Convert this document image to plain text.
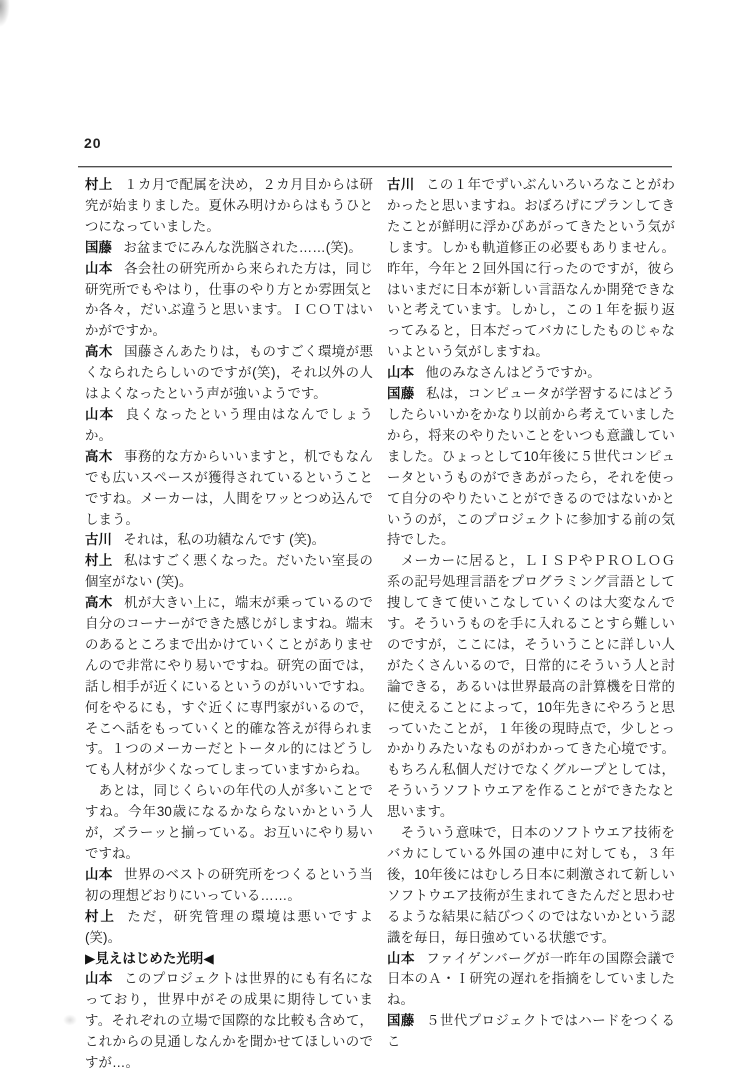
20

村上 １カ月で配属を決め，２カ月目からは研究が始まりました。夏休み明けからはもうひとつになっていました。

国藤 お盆までにみんな洗脳された……(笑)。

山本 各会社の研究所から来られた方は，同じ研究所でもやはり，仕事のやり方とか雰囲気とか各々，だいぶ違うと思います。ＩＣＯＴはいかがですか。

高木 国藤さんあたりは，ものすごく環境が悪くなられたらしいのですが(笑)，それ以外の人はよくなったという声が強いようです。

山本 良くなったという理由はなんでしょうか。

高木 事務的な方からいいますと，机でもなんでも広いスペースが獲得されているということですね。メーカーは，人間をワッとつめ込んでしまう。

古川 それは，私の功績なんです (笑)。

村上 私はすごく悪くなった。だいたい室長の個室がない (笑)。

高木 机が大きい上に，端末が乗っているので自分のコーナーができた感じがしますね。端末のあるところまで出かけていくことがありませんので非常にやり易いですね。研究の面では，話し相手が近くにいるというのがいいですね。何をやるにも，すぐ近くに専門家がいるので，そこへ話をもっていくと的確な答えが得られます。１つのメーカーだとトータル的にはどうしても人材が少くなってしまっていますからね。

　あとは，同じくらいの年代の人が多いことですね。今年30歳になるかならないかという人が，ズラーッと揃っている。お互いにやり易いですね。

山本 世界のベストの研究所をつくるという当初の理想どおりにいっている……。

村上 ただ，研究管理の環境は悪いですよ(笑)。

▶見えはじめた光明◀

山本 このプロジェクトは世界的にも有名になっており，世界中がその成果に期待しています。それぞれの立場で国際的な比較も含めて，これからの見通しなんかを聞かせてほしいのですが…。

古川 この１年でずいぶんいろいろなことがわかったと思いますね。おぼろげにプランしてきたことが鮮明に浮かびあがってきたという気がします。しかも軌道修正の必要もありません。昨年，今年と２回外国に行ったのですが，彼らはいまだに日本が新しい言語なんか開発できないと考えています。しかし，この１年を振り返ってみると，日本だってバカにしたものじゃないよという気がしますね。

山本 他のみなさんはどうですか。

国藤 私は，コンピュータが学習するにはどうしたらいいかをかなり以前から考えていましたから，将来のやりたいことをいつも意識していました。ひょっとして10年後に５世代コンピュータというものができあがったら，それを使って自分のやりたいことができるのではないかというのが，このプロジェクトに参加する前の気持でした。

　メーカーに居ると，ＬＩＳＰやＰＲＯＬＯＧ系の記号処理言語をプログラミング言語として捜してきて使いこなしていくのは大変なんです。そういうものを手に入れることすら難しいのですが，ここには，そういうことに詳しい人がたくさんいるので，日常的にそういう人と討論できる，あるいは世界最高の計算機を日常的に使えることによって，10年先きにやろうと思っていたことが，１年後の現時点で，少しとっかかりみたいなものがわかってきた心境です。もちろん私個人だけでなくグループとしては，そういうソフトウエアを作ることができたなと思います。

　そういう意味で，日本のソフトウエア技術をバカにしている外国の連中に対しても，３年後，10年後にはむしろ日本に刺激されて新しいソフトウエア技術が生まれてきたんだと思わせるような結果に結びつくのではないかという認識を毎日，毎日強めている状態です。

山本 ファイゲンバーグが一昨年の国際会議で日本のＡ・Ｉ研究の遅れを指摘をしていましたね。

国藤 ５世代プロジェクトではハードをつくるこ
